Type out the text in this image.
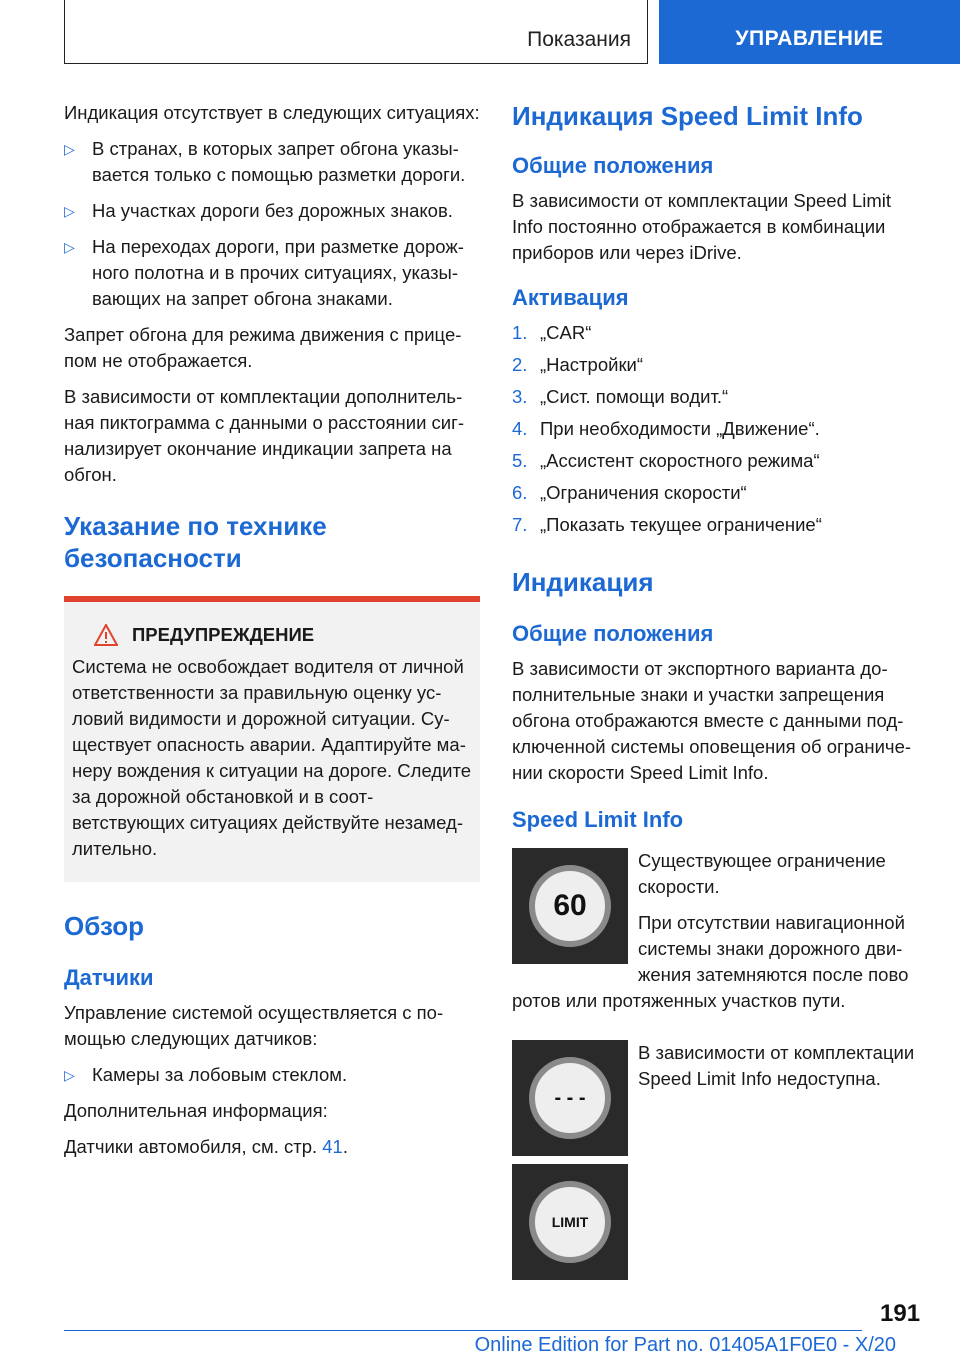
Показания	УПРАВЛЕНИЕ

Индикация отсутствует в следующих ситуациях:

▷ В странах, в которых запрет обгона указывается только с помощью разметки дороги.
▷ На участках дороги без дорожных знаков.
▷ На переходах дороги, при разметке дорожного полотна и в прочих ситуациях, указывающих на запрет обгона знаками.

Запрет обгона для режима движения с прицепом не отображается.

В зависимости от комплектации дополнительная пиктограмма с данными о расстоянии сигнализирует окончание индикации запрета на обгон.

Указание по технике безопасности
ПРЕДУПРЕЖДЕНИЕ

Система не освобождает водителя от личной ответственности за правильную оценку условий видимости и дорожной ситуации. Существует опасность аварии. Адаптируйте манеру вождения к ситуации на дороге. Следите за дорожной обстановкой и в соответствующих ситуациях действуйте незамедлительно.

Обзор
Датчики

Управление системой осуществляется с помощью следующих датчиков:

▷ Камеры за лобовым стеклом.

Дополнительная информация:

Датчики автомобиля, см. стр. 41.

Индикация Speed Limit Info
Общие положения

В зависимости от комплектации Speed Limit Info постоянно отображается в комбинации приборов или через iDrive.

Активация
1. „CAR“
2. „Настройки“
3. „Сист. помощи водит.“
4. При необходимости „Движение“.
5. „Ассистент скоростного режима“
6. „Ограничения скорости“
7. „Показать текущее ограничение“
Индикация
Общие положения

В зависимости от экспортного варианта дополнительные знаки и участки запрещения обгона отображаются вместе с данными подключенной системы оповещения об ограничении скорости Speed Limit Info.

Speed Limit Info
60

Существующее ограничение скорости.

При отсутствии навигационной системы знаки дорожного движения затемняются после пово

ротов или протяженных участков пути.

- - -

В зависимости от комплектации Speed Limit Info недоступна.

LIMIT
191
Online Edition for Part no. 01405A1F0E0 - X/20
